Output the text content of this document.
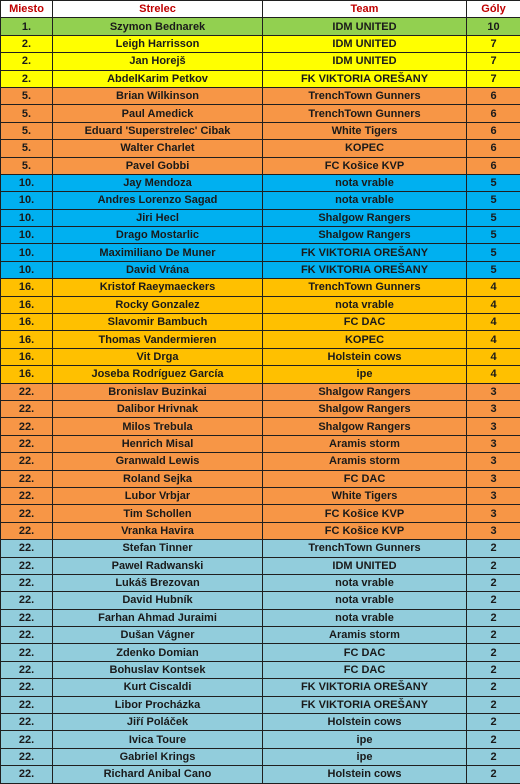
Miesto	Strelec	Team	Góly
1.	Szymon Bednarek	IDM UNITED	10
2.	Leigh Harrisson	IDM UNITED	7
2.	Jan Horejš	IDM UNITED	7
2.	AbdelKarim Petkov	FK VIKTORIA OREŠANY	7
5.	Brian Wilkinson	TrenchTown Gunners	6
5.	Paul Amedick	TrenchTown Gunners	6
5.	Eduard 'Superstrelec' Cibak	White Tigers	6
5.	Walter Charlet	KOPEC	6
5.	Pavel Gobbi	FC Košice KVP	6
10.	Jay Mendoza	nota vrable	5
10.	Andres Lorenzo Sagad	nota vrable	5
10.	Jiri Hecl	Shalgow Rangers	5
10.	Drago Mostarlic	Shalgow Rangers	5
10.	Maximiliano De Muner	FK VIKTORIA OREŠANY	5
10.	David Vrána	FK VIKTORIA OREŠANY	5
16.	Kristof Raeymaeckers	TrenchTown Gunners	4
16.	Rocky Gonzalez	nota vrable	4
16.	Slavomir Bambuch	FC DAC	4
16.	Thomas Vandermieren	KOPEC	4
16.	Vit Drga	Holstein cows	4
16.	Joseba Rodríguez García	ipe	4
22.	Bronislav Buzinkai	Shalgow Rangers	3
22.	Dalibor Hrivnak	Shalgow Rangers	3
22.	Milos Trebula	Shalgow Rangers	3
22.	Henrich Misal	Aramis storm	3
22.	Granwald Lewis	Aramis storm	3
22.	Roland Sejka	FC DAC	3
22.	Lubor Vrbjar	White Tigers	3
22.	Tim Schollen	FC Košice KVP	3
22.	Vranka Havira	FC Košice KVP	3
22.	Stefan Tinner	TrenchTown Gunners	2
22.	Pawel Radwanski	IDM UNITED	2
22.	Lukáš Brezovan	nota vrable	2
22.	David Hubník	nota vrable	2
22.	Farhan Ahmad Juraimi	nota vrable	2
22.	Dušan Vágner	Aramis storm	2
22.	Zdenko Domian	FC DAC	2
22.	Bohuslav Kontsek	FC DAC	2
22.	Kurt Ciscaldi	FK VIKTORIA OREŠANY	2
22.	Libor Procházka	FK VIKTORIA OREŠANY	2
22.	Jiří Poláček	Holstein cows	2
22.	Ivica Toure	ipe	2
22.	Gabriel Krings	ipe	2
22.	Richard Anibal Cano	Holstein cows	2
